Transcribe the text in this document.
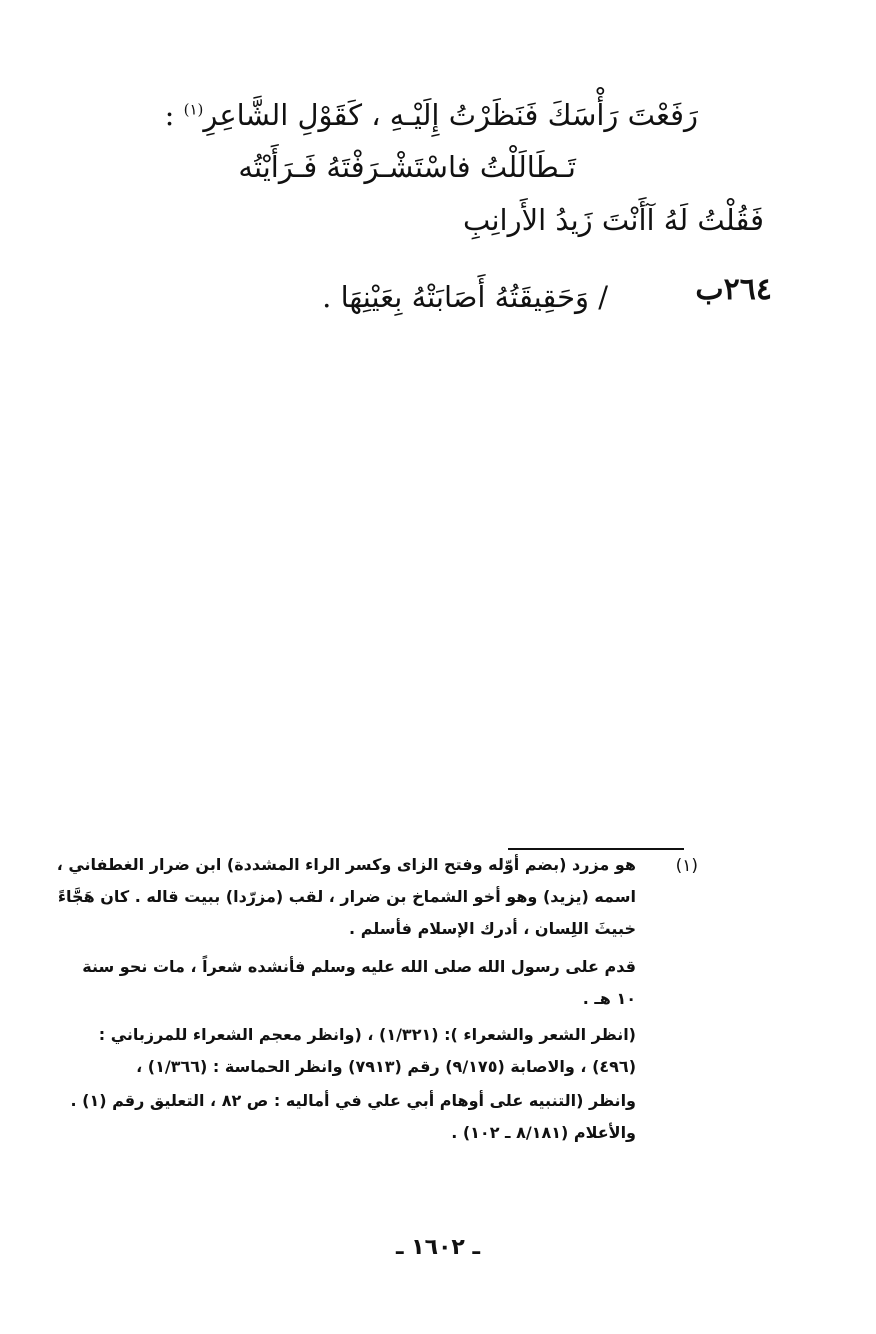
رَفَعْتَ رَأْسَكَ فَنَظَرْتُ إِلَيْـهِ ، كَقَوْلِ الشَّاعِرِ$^{(١)}$ :
تَـطَالَلْتُ فاسْتَشْـرَفْتَهُ فَـرَأَيْتُه
فَقُلْتُ لَهُ آأَنْتَ زَيدُ الأَرانِبِ
٢٦٤ب
/ وَحَقِيقَتُهُ أَصَابَتْهُ بِعَيْنِهَا .
(١)
هو مزرد (بضم أوّله وفتح الزاى وكسر الراء المشددة) ابن ضرار الغطفاني ،
اسمه (يزيد) وهو أخو الشماخ بن ضرار ، لقب (مزرّدا) ببيت قاله . كان هَجَّاءً
خبيثَ اللِسان ، أدرك الإسلام فأسلم .
قدم على رسول الله صلى الله عليه وسلم فأنشده شعراً ، مات نحو سنة
١٠ هـ .
(انظر الشعر والشعراء ): (١/٣٢١) ، (وانظر معجم الشعراء للمرزباني :
(٤٩٦) ، والاصابة (٩/١٧٥) رقم (٧٩١٣) وانظر الحماسة : (١/٣٦٦) ،
وانظر (التنبيه على أوهام أبي علي في أماليه : ص ٨٢ ، التعليق رقم (١) .
والأعلام (٨/١٨١ ـ ١٠٢) .
ـ ١٦٠٢ ـ
